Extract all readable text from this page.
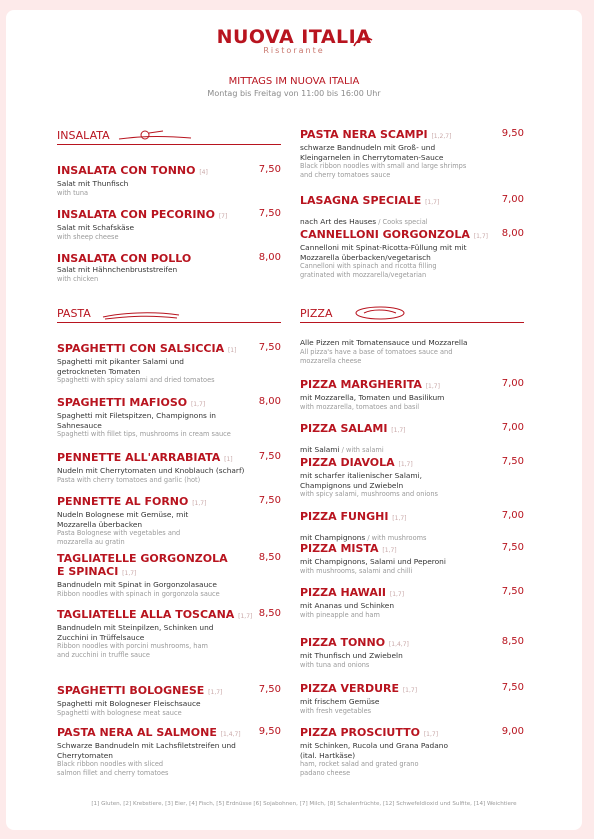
NUOVA ITALIA
Ristorante
MITTAGS IM NUOVA ITALIA
Montag bis Freitag von 11:00 bis 16:00 Uhr
INSALATA
INSALATA CON TONNO [4]	7,50
Salat mit Thunfisch
with tuna
INSALATA CON PECORINO [7]	7,50
Salat mit Schafskäse
with sheep cheese
INSALATA CON POLLO	8,00
Salat mit Hähnchenbruststreifen
with chicken
PASTA
SPAGHETTI CON SALSICCIA [1]	7,50
Spaghetti mit pikanter Salami und getrockneten Tomaten
Spaghetti with spicy salami and dried tomatoes
SPAGHETTI MAFIOSO [1,7]	8,00
Spaghetti mit Filetspitzen, Champignons in Sahnesauce
Spaghetti with fillet tips, mushrooms in cream sauce
PENNETTE ALL'ARRABIATA [1]	7,50
Nudeln mit Cherrytomaten und Knoblauch (scharf)
Pasta with cherry tomatoes and garlic (hot)
PENNETTE AL FORNO [1,7]	7,50
Nudeln Bolognese mit Gemüse, mit Mozzarella überbacken
Pasta Bolognese with vegetables and mozzarella au gratin
TAGLIATELLE GORGONZOLA E SPINACI [1,7]
8,50
Bandnudeln mit Spinat in Gorgonzolasauce
Ribbon noodles with spinach in gorgonzola sauce
TAGLIATELLE ALLA TOSCANA [1,7] 8,50
Bandnudeln mit Steinpilzen, Schinken und Zucchini in Trüffelsauce
Ribbon noodles with porcini mushrooms, ham and zucchini in truffle sauce
SPAGHETTI BOLOGNESE [1,7]	7,50
Spaghetti mit Bologneser Fleischsauce
Spaghetti with bolognese meat sauce
PASTA NERA AL SALMONE [1,4,7]	9,50
Schwarze Bandnudeln mit Lachsfiletstreifen und Cherrytomaten
Black ribbon noodles with sliced salmon fillet and cherry tomatoes
PASTA NERA SCAMPI [1,2,7]	9,50
schwarze Bandnudeln mit Groß- und Kleingarnelen in Cherrytomaten-Sauce
Black ribbon noodles with small and large shrimps and cherry tomatoes sauce
LASAGNA SPECIALE [1,7]	7,00
nach Art des Hauses / Cooks special
CANNELLONI GORGONZOLA [1,7]	8,00
Cannelloni mit Spinat-Ricotta-Füllung mit mit Mozzarella überbacken/vegetarisch
Cannelloni with spinach and ricotta filling gratinated with mozzarella/vegetarian
PIZZA
Alle Pizzen mit Tomatensauce und Mozzarella
All pizza's have a base of tomatoes sauce and mozzarella cheese
PIZZA MARGHERITA [1,7]	7,00
mit Mozzarella, Tomaten und Basilikum
with mozzarella, tomatoes and basil
PIZZA SALAMI [1,7]	7,00
mit Salami / with salami
PIZZA DIAVOLA [1,7]	7,50
mit scharfer italienischer Salami, Champignons und Zwiebeln
with spicy salami, mushrooms and onions
PIZZA FUNGHI [1,7]	7,00
mit Champignons / with mushrooms
PIZZA MISTA [1,7]	7,50
mit Champignons, Salami und Peperoni
with mushrooms, salami and chilli
PIZZA HAWAII [1,7]	7,50
mit Ananas und Schinken
with pineapple and ham
PIZZA TONNO [1,4,7]	8,50
mit Thunfisch und Zwiebeln
with tuna and onions
PIZZA VERDURE [1,7]	7,50
mit frischem Gemüse
with fresh vegetables
PIZZA PROSCIUTTO [1,7]	9,00
mit Schinken, Rucola und Grana Padano (ital. Hartkäse)
ham, rocket salad and grated grano padano cheese
[1] Gluten, [2] Krebstiere, [3] Eier, [4] Fisch, [5] Erdnüsse [6] Sojabohnen, [7] Milch, [8] Schalenfrüchte, [12] Schwefeldioxid und Sulfite, [14] Weichtiere
